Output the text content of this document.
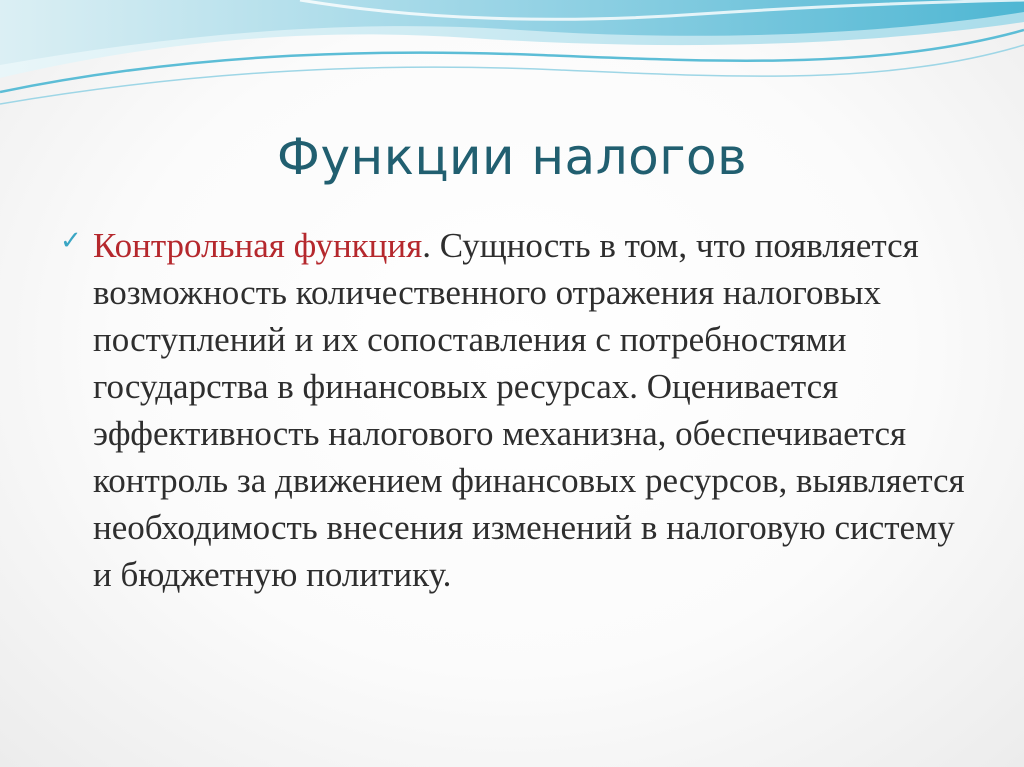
Функции налогов
✓ Контрольная функция. Сущность в том, что появляется возможность количественного отражения налоговых поступлений и их сопоставления с потребностями государства в финансовых ресурсах. Оценивается эффективность налогового механизна, обеспечивается контроль за движением финансовых ресурсов, выявляется необходимость внесения изменений в налоговую систему и бюджетную политику.
